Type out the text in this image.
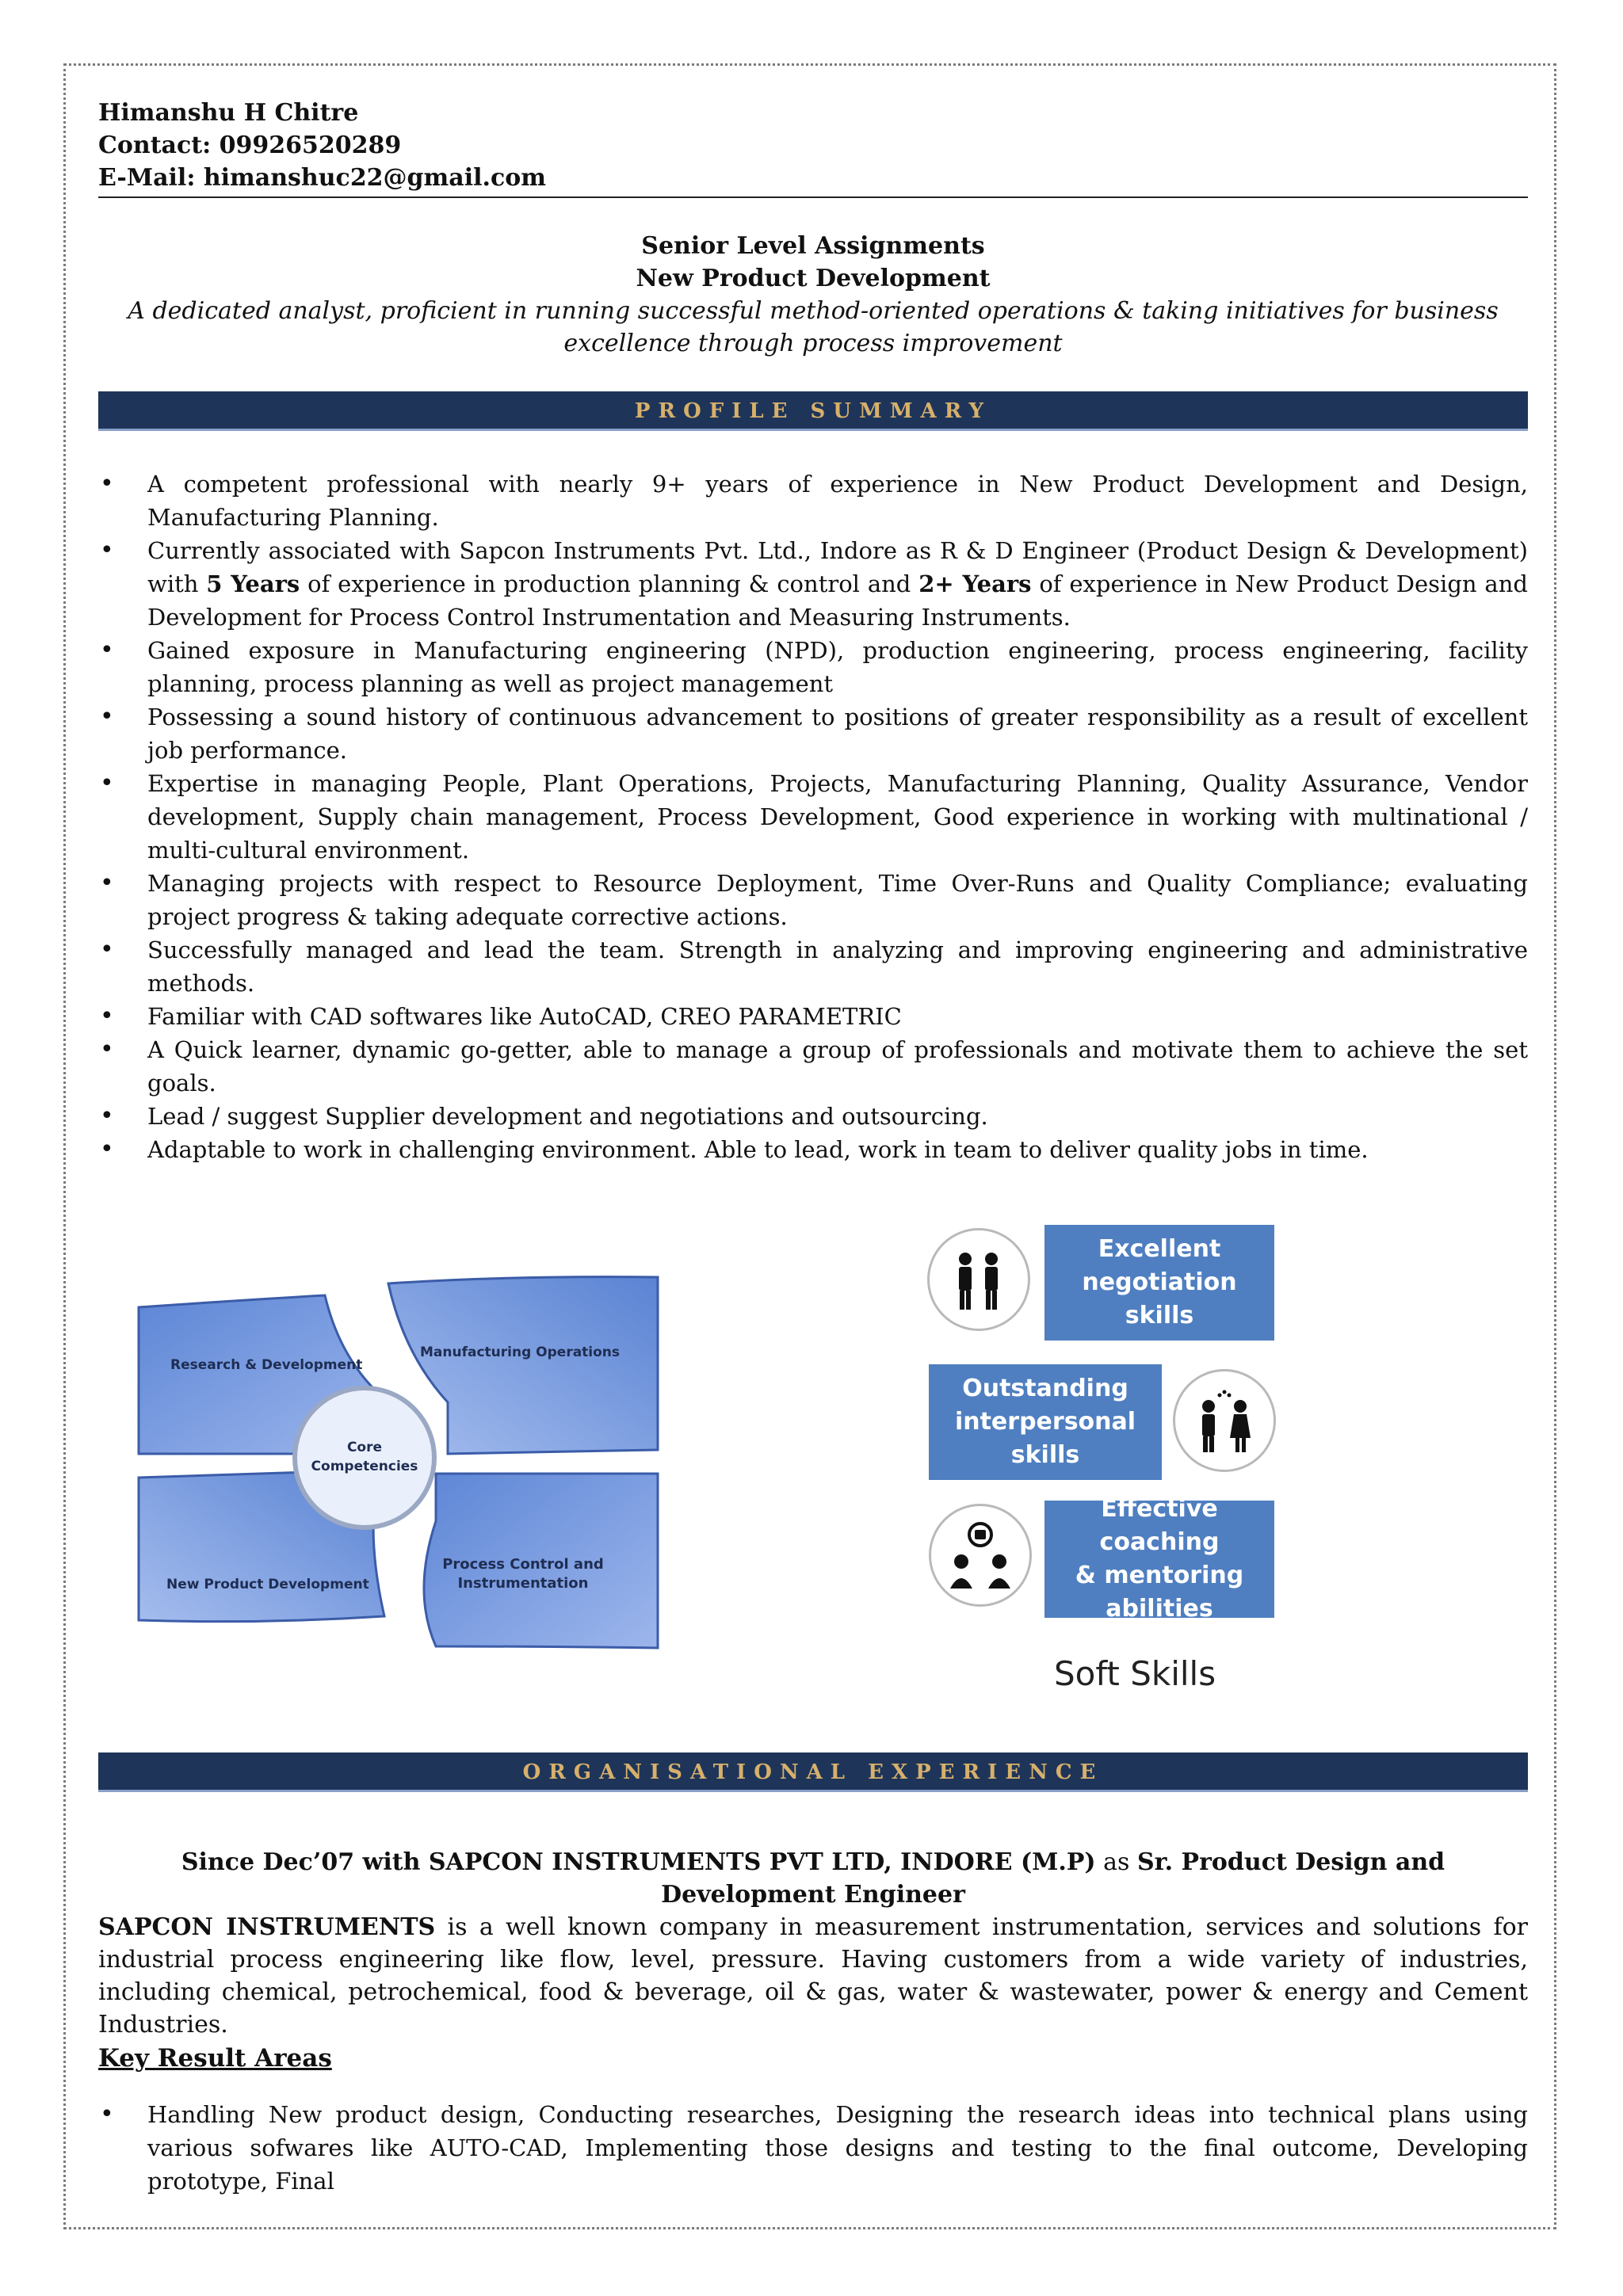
Himanshu H Chitre
Contact: 09926520289
E-Mail: himanshuc22@gmail.com
Senior Level Assignments
New Product Development
A dedicated analyst, proficient in running successful method-oriented operations & taking initiatives for business excellence through process improvement
PROFILE SUMMARY
• A competent professional with nearly 9+ years of experience in New Product Development and Design, Manufacturing Planning.
• Currently associated with Sapcon Instruments Pvt. Ltd., Indore as R & D Engineer (Product Design & Development) with 5 Years of experience in production planning & control and 2+ Years of experience in New Product Design and Development for Process Control Instrumentation and Measuring Instruments.
• Gained exposure in Manufacturing engineering (NPD), production engineering, process engineering, facility planning, process planning as well as project management
• Possessing a sound history of continuous advancement to positions of greater responsibility as a result of excellent job performance.
• Expertise in managing People, Plant Operations, Projects, Manufacturing Planning, Quality Assurance, Vendor development, Supply chain management, Process Development, Good experience in working with multinational / multi-cultural environment.
• Managing projects with respect to Resource Deployment, Time Over-Runs and Quality Compliance; evaluating project progress & taking adequate corrective actions.
• Successfully managed and lead the team. Strength in analyzing and improving engineering and administrative methods.
• Familiar with CAD softwares like AutoCAD, CREO PARAMETRIC
• A Quick learner, dynamic go-getter, able to manage a group of professionals and motivate them to achieve the set goals.
• Lead / suggest Supplier development and negotiations and outsourcing.
• Adaptable to work in challenging environment. Able to lead, work in team to deliver quality jobs in time.
Core
Competencies
Research & Development
Manufacturing Operations
New Product Development
Process Control and
Instrumentation
Excellent
negotiation skills
Outstanding
interpersonal skills
Effective coaching
& mentoring
abilities
Soft Skills
ORGANISATIONAL EXPERIENCE
Since Dec’07 with SAPCON INSTRUMENTS PVT LTD, INDORE (M.P) as Sr. Product Design and Development Engineer

SAPCON INSTRUMENTS is a well known company in measurement instrumentation, services and solutions for industrial process engineering like flow, level, pressure. Having customers from a wide variety of industries, including chemical, petrochemical, food & beverage, oil & gas, water & wastewater, power & energy and Cement Industries.

Key Result Areas
• Handling New product design, Conducting researches, Designing the research ideas into technical plans using various sofwares like AUTO-CAD, Implementing those designs and testing to the final outcome, Developing prototype, Final
